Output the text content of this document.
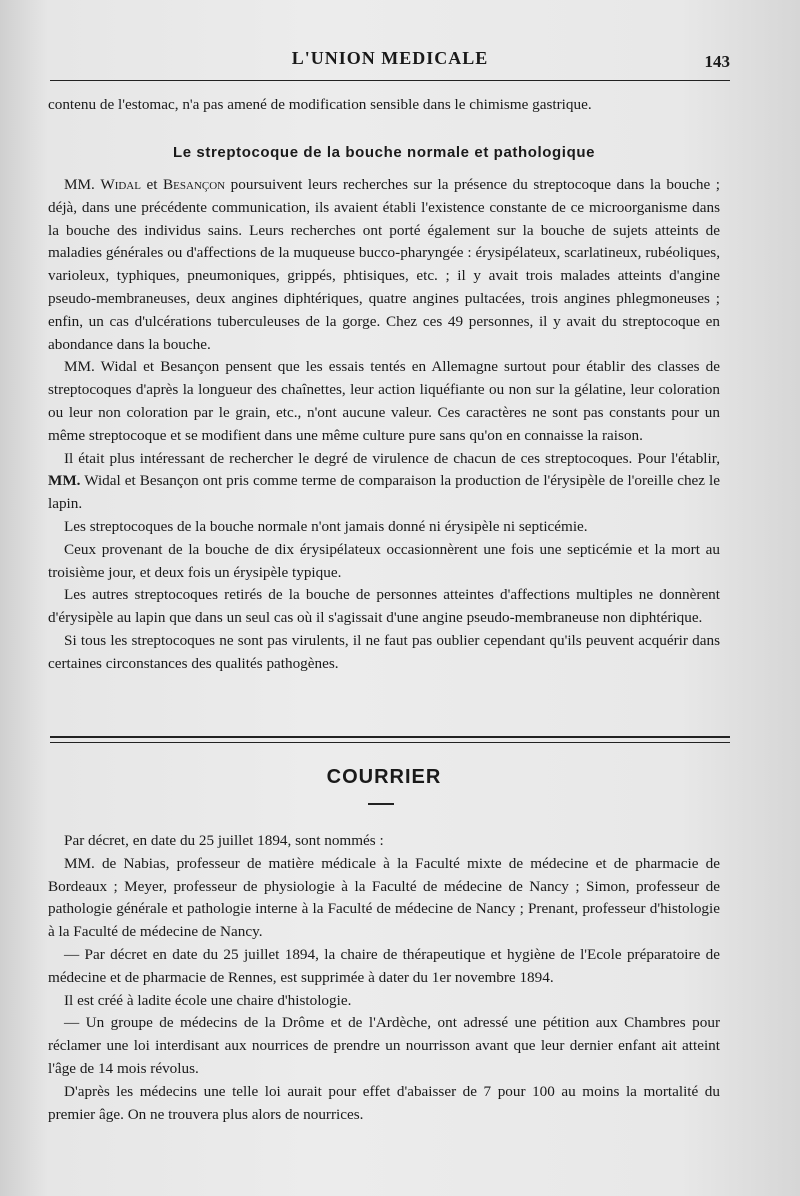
L'UNION MEDICALE	143

contenu de l'estomac, n'a pas amené de modification sensible dans le chimisme gastrique.

Le streptocoque de la bouche normale et pathologique

MM. Widal et Besançon poursuivent leurs recherches sur la présence du streptocoque dans la bouche ; déjà, dans une précédente communication, ils avaient établi l'existence constante de ce microorganisme dans la bouche des individus sains. Leurs recherches ont porté également sur la bouche de sujets atteints de maladies générales ou d'affections de la muqueuse bucco-pharyngée : érysipélateux, scarlatineux, rubéoliques, varioleux, typhiques, pneumoniques, grippés, phtisiques, etc. ; il y avait trois malades atteints d'angine pseudo-membraneuses, deux angines diphtériques, quatre angines pultacées, trois angines phlegmoneuses ; enfin, un cas d'ulcérations tuberculeuses de la gorge. Chez ces 49 personnes, il y avait du streptocoque en abondance dans la bouche.

MM. Widal et Besançon pensent que les essais tentés en Allemagne surtout pour établir des classes de streptocoques d'après la longueur des chaînettes, leur action liquéfiante ou non sur la gélatine, leur coloration ou leur non coloration par le grain, etc., n'ont aucune valeur. Ces caractères ne sont pas constants pour un même streptocoque et se modifient dans une même culture pure sans qu'on en connaisse la raison.

Il était plus intéressant de rechercher le degré de virulence de chacun de ces streptocoques. Pour l'établir, MM. Widal et Besançon ont pris comme terme de comparaison la production de l'érysipèle de l'oreille chez le lapin.

Les streptocoques de la bouche normale n'ont jamais donné ni érysipèle ni septicémie.

Ceux provenant de la bouche de dix érysipélateux occasionnèrent une fois une septicémie et la mort au troisième jour, et deux fois un érysipèle typique.

Les autres streptocoques retirés de la bouche de personnes atteintes d'affections multiples ne donnèrent d'érysipèle au lapin que dans un seul cas où il s'agissait d'une angine pseudo-membraneuse non diphtérique.

Si tous les streptocoques ne sont pas virulents, il ne faut pas oublier cependant qu'ils peuvent acquérir dans certaines circonstances des qualités pathogènes.

COURRIER

Par décret, en date du 25 juillet 1894, sont nommés :

MM. de Nabias, professeur de matière médicale à la Faculté mixte de médecine et de pharmacie de Bordeaux ; Meyer, professeur de physiologie à la Faculté de médecine de Nancy ; Simon, professeur de pathologie générale et pathologie interne à la Faculté de médecine de Nancy ; Prenant, professeur d'histologie à la Faculté de médecine de Nancy.

— Par décret en date du 25 juillet 1894, la chaire de thérapeutique et hygiène de l'Ecole préparatoire de médecine et de pharmacie de Rennes, est supprimée à dater du 1er novembre 1894.

Il est créé à ladite école une chaire d'histologie.

— Un groupe de médecins de la Drôme et de l'Ardèche, ont adressé une pétition aux Chambres pour réclamer une loi interdisant aux nourrices de prendre un nourrisson avant que leur dernier enfant ait atteint l'âge de 14 mois révolus.

D'après les médecins une telle loi aurait pour effet d'abaisser de 7 pour 100 au moins la mortalité du premier âge. On ne trouvera plus alors de nourrices.
